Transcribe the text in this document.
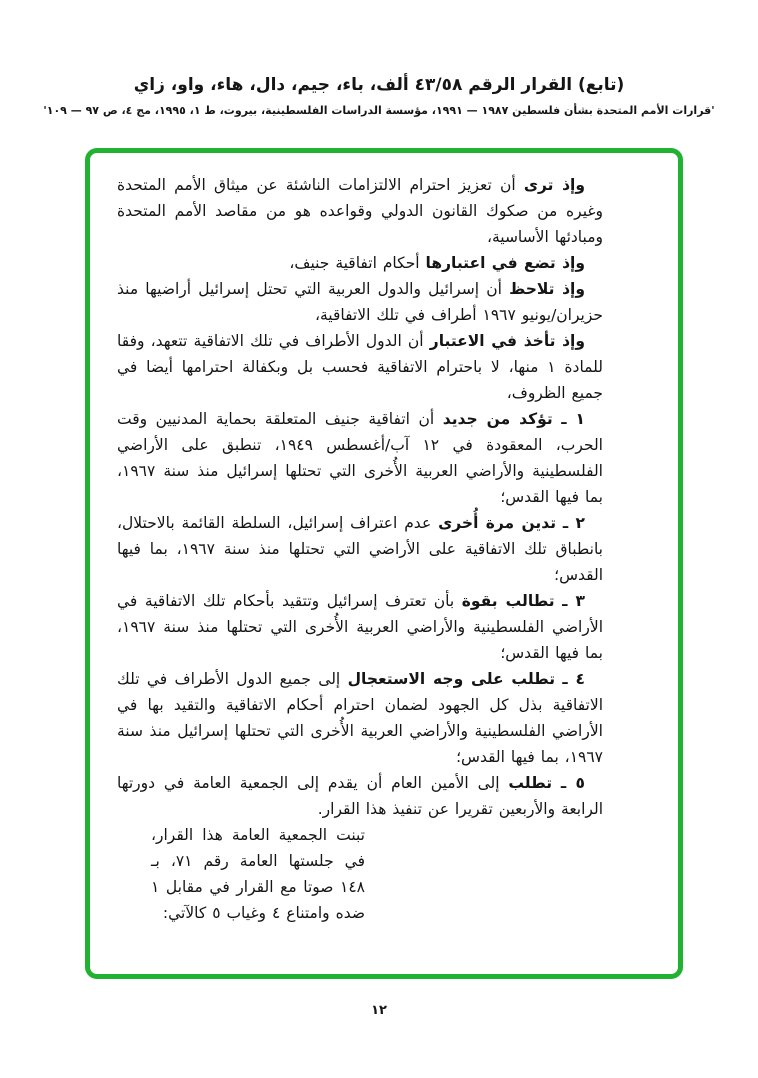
(تابع) القرار الرقم ٤٣/٥٨ ألف، باء، جيم، دال، هاء، واو، زاي
'قرارات الأمم المتحدة بشأن فلسطين ١٩٨٧ — ١٩٩١، مؤسسة الدراسات الفلسطينية، بيروت، ط ١، ١٩٩٥، مج ٤، ص ٩٧ — ١٠٩'

وإذ ترى أن تعزيز احترام الالتزامات الناشئة عن ميثاق الأمم المتحدة وغيره من صكوك القانون الدولي وقواعده هو من مقاصد الأمم المتحدة ومبادئها الأساسية،

وإذ تضع في اعتبارها أحكام اتفاقية جنيف،

وإذ تلاحظ أن إسرائيل والدول العربية التي تحتل إسرائيل أراضيها منذ حزيران/يونيو ١٩٦٧ أطراف في تلك الاتفاقية،

وإذ تأخذ في الاعتبار أن الدول الأطراف في تلك الاتفاقية تتعهد، وفقا للمادة ١ منها، لا باحترام الاتفاقية فحسب بل وبكفالة احترامها أيضا في جميع الظروف،

١ ـ تؤكد من جديد أن اتفاقية جنيف المتعلقة بحماية المدنيين وقت الحرب، المعقودة في ١٢ آب/أغسطس ١٩٤٩، تنطبق على الأراضي الفلسطينية والأراضي العربية الأُخرى التي تحتلها إسرائيل منذ سنة ١٩٦٧، بما فيها القدس؛

٢ ـ تدين مرة أُخرى عدم اعتراف إسرائيل، السلطة القائمة بالاحتلال، بانطباق تلك الاتفاقية على الأراضي التي تحتلها منذ سنة ١٩٦٧، بما فيها القدس؛

٣ ـ تطالب بقوة بأن تعترف إسرائيل وتتقيد بأحكام تلك الاتفاقية في الأراضي الفلسطينية والأراضي العربية الأُخرى التي تحتلها منذ سنة ١٩٦٧، بما فيها القدس؛

٤ ـ تطلب على وجه الاستعجال إلى جميع الدول الأطراف في تلك الاتفاقية بذل كل الجهود لضمان احترام أحكام الاتفاقية والتقيد بها في الأراضي الفلسطينية والأراضي العربية الأُخرى التي تحتلها إسرائيل منذ سنة ١٩٦٧، بما فيها القدس؛

٥ ـ تطلب إلى الأمين العام أن يقدم إلى الجمعية العامة في دورتها الرابعة والأربعين تقريرا عن تنفيذ هذا القرار.

تبنت الجمعية العامة هذا القرار، في جلستها العامة رقم ٧١، بـ ١٤٨ صوتا مع القرار في مقابل ١ ضده وامتناع ٤ وغياب ٥ كالآتي:

١٢
